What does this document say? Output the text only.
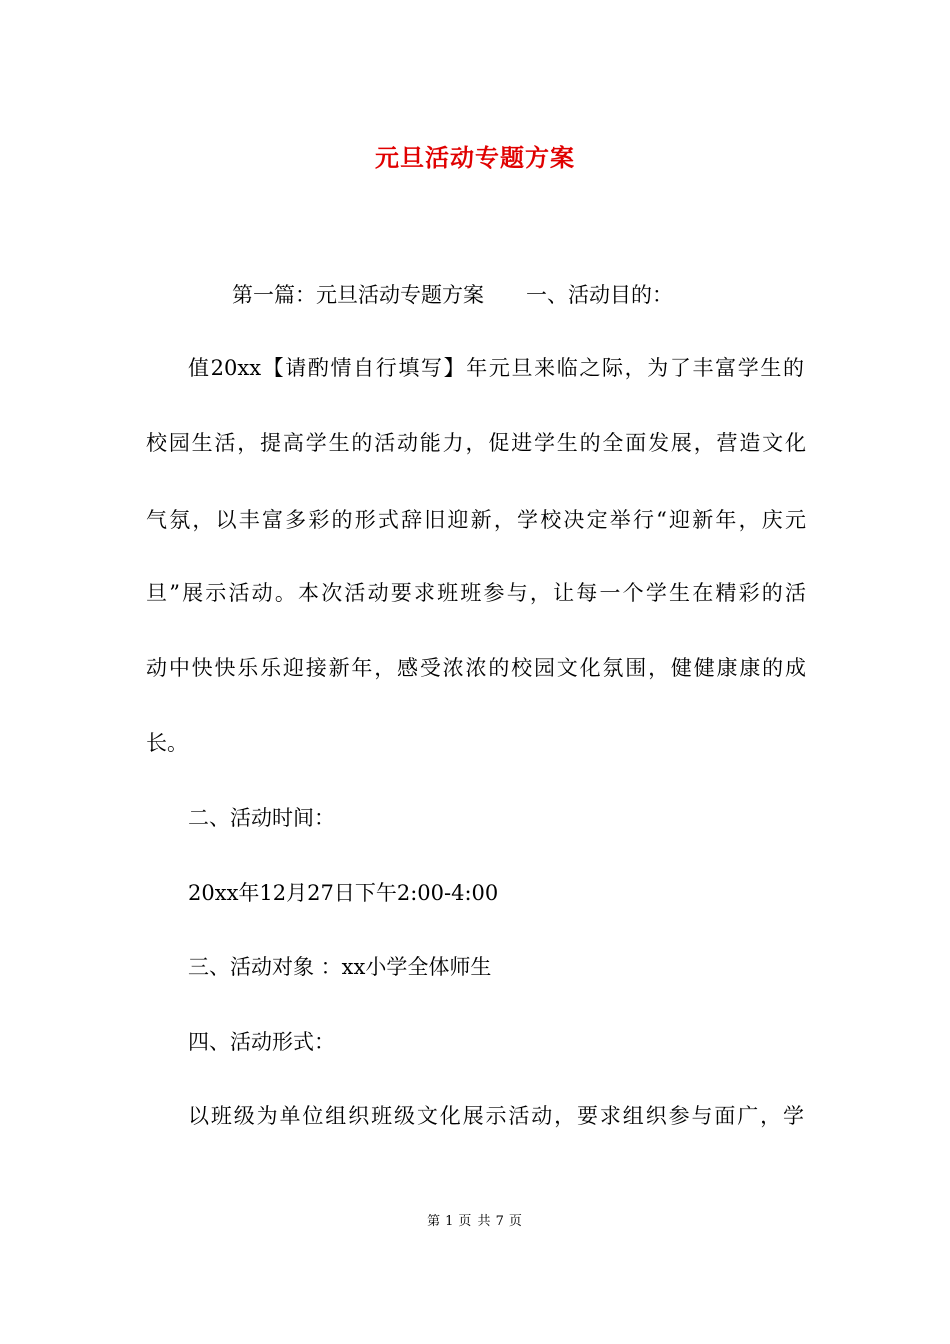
元旦活动专题方案
第一篇：元旦活动专题方案　　一、活动目的：
值20xx【请酌情自行填写】年元旦来临之际，为了丰富学生的
校园生活，提高学生的活动能力，促进学生的全面发展，营造文化
气氛，以丰富多彩的形式辞旧迎新，学校决定举行“迎新年，庆元
旦”展示活动。本次活动要求班班参与，让每一个学生在精彩的活
动中快快乐乐迎接新年，感受浓浓的校园文化氛围，健健康康的成
长。
二、活动时间：
20xx年12月27日下午2:00-4:00
三、活动对象 ：xx小学全体师生
四、活动形式：
以班级为单位组织班级文化展示活动，要求组织参与面广，学
第 1 页 共 7 页
